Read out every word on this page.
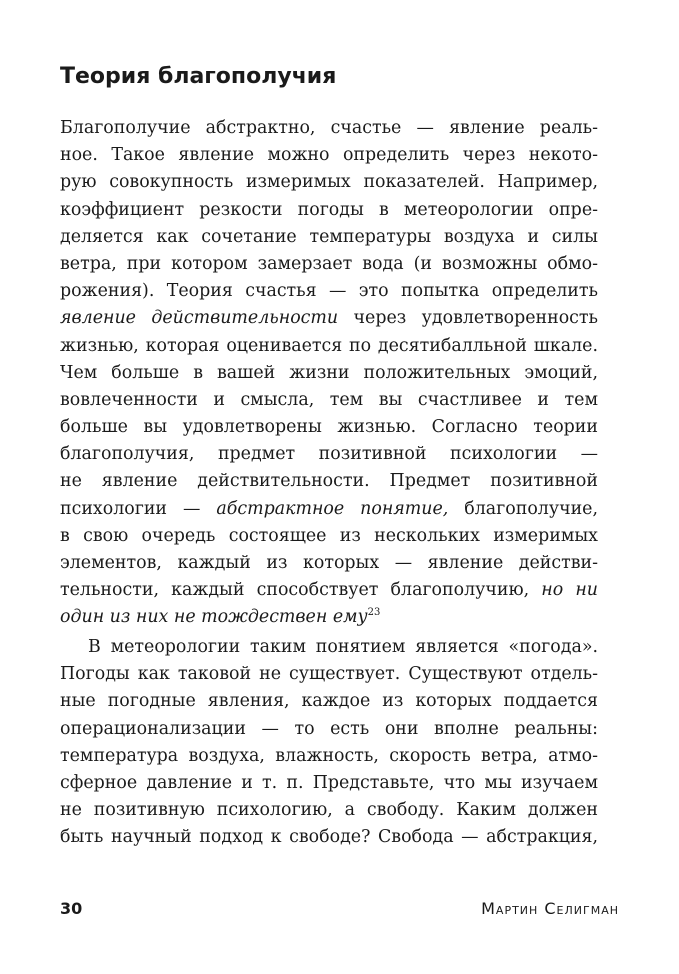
Теория благополучия
Благополучие абстрактно, счастье — явление реаль-
ное. Такое явление можно определить через некото-
рую совокупность измеримых показателей. Например,
коэффициент резкости погоды в метеорологии опре-
деляется как сочетание температуры воздуха и силы
ветра, при котором замерзает вода (и возможны обмо-
рожения). Теория счастья — это попытка определить
явление действительности через удовлетворенность
жизнью, которая оценивается по десятибалльной шкале.
Чем больше в вашей жизни положительных эмоций,
вовлеченности и смысла, тем вы счастливее и тем
больше вы удовлетворены жизнью. Согласно теории
благополучия, предмет позитивной психологии —
не явление действительности. Предмет позитивной
психологии — абстрактное понятие, благополучие,
в свою очередь состоящее из нескольких измеримых
элементов, каждый из которых — явление действи-
тельности, каждый способствует благополучию, но ни
один из них не тождествен ему$^{23}$
В метеорологии таким понятием является «погода».
Погоды как таковой не существует. Существуют отдель-
ные погодные явления, каждое из которых поддается
операционализации — то есть они вполне реальны:
температура воздуха, влажность, скорость ветра, атмо-
сферное давление и т. п. Представьте, что мы изучаем
не позитивную психологию, а свободу. Каким должен
быть научный подход к свободе? Свобода — абстракция,
30	Мартин Селигман
